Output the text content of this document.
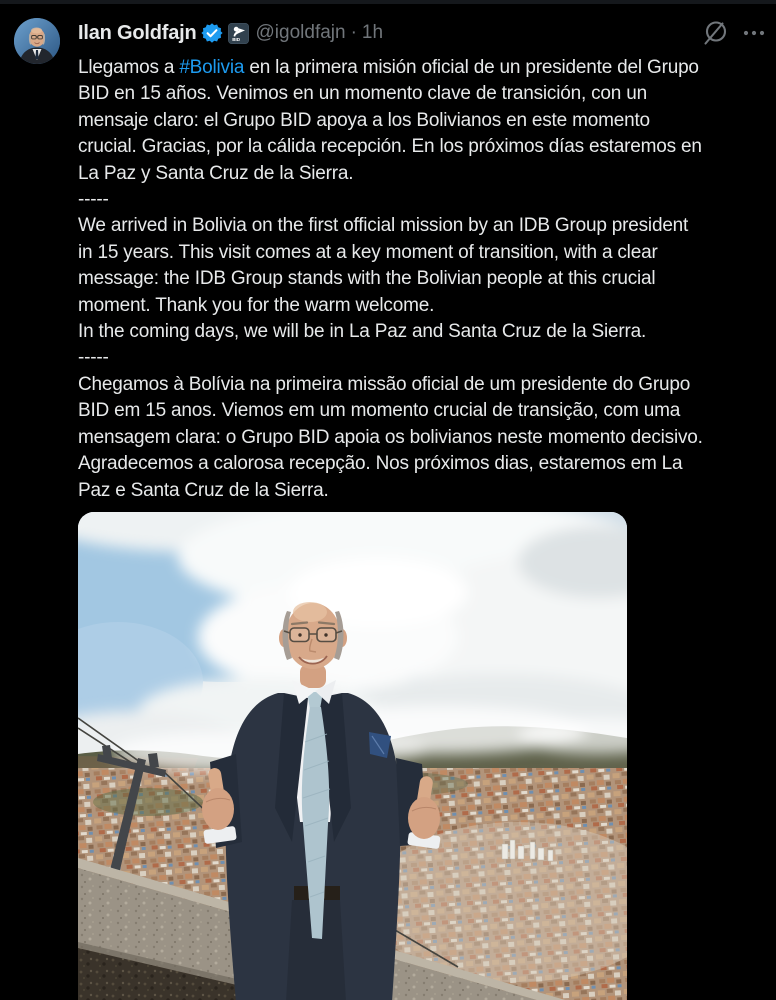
Ilan Goldfajn	BID @igoldfajn · 1h
Llegamos a #Bolivia en la primera misión oficial de un presidente del Grupo
BID en 15 años. Venimos en un momento clave de transición, con un
mensaje claro: el Grupo BID apoya a los Bolivianos en este momento
crucial. Gracias, por la cálida recepción. En los próximos días estaremos en
La Paz y Santa Cruz de la Sierra.
-----
We arrived in Bolivia on the first official mission by an IDB Group president
in 15 years. This visit comes at a key moment of transition, with a clear
message: the IDB Group stands with the Bolivian people at this crucial
moment. Thank you for the warm welcome.
In the coming days, we will be in La Paz and Santa Cruz de la Sierra.
-----
Chegamos à Bolívia na primeira missão oficial de um presidente do Grupo
BID em 15 anos. Viemos em um momento crucial de transição, com uma
mensagem clara: o Grupo BID apoia os bolivianos neste momento decisivo.
Agradecemos a calorosa recepção. Nos próximos dias, estaremos em La
Paz e Santa Cruz de la Sierra.
